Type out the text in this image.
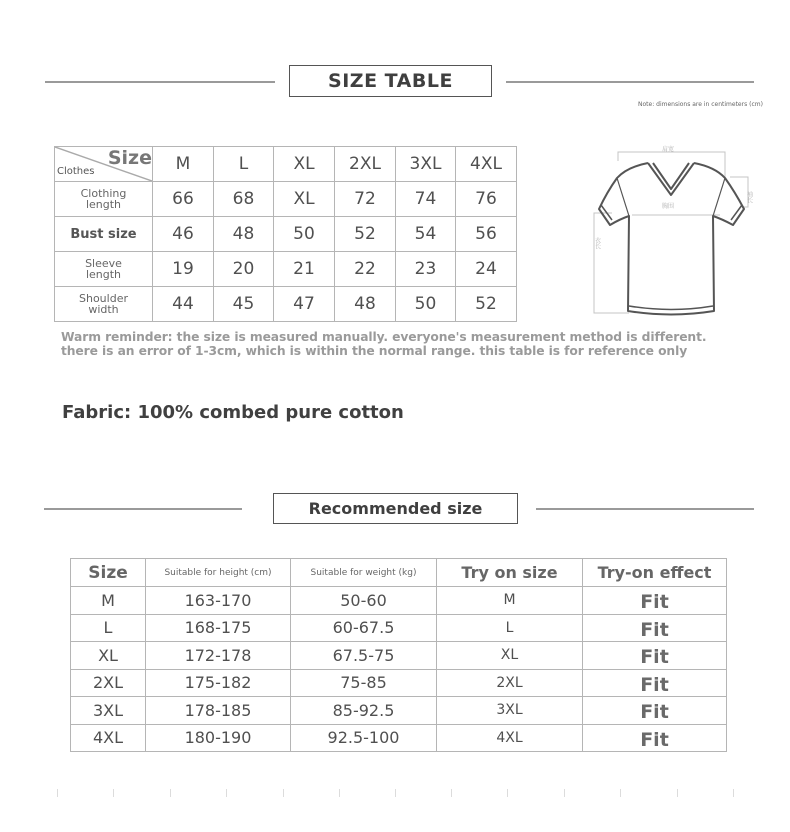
SIZE TABLE
Note: dimensions are in centimeters (cm)
Size
Clothes	M	L	XL	2XL	3XL	4XL
Clothing
length	66	68	XL	72	74	76
Bust size	46	48	50	52	54	56
Sleeve
length	19	20	21	22	23	24
Shoulder
width	44	45	47	48	50	52
肩宽
胸围
袖长
衣长
Warm reminder: the size is measured manually. everyone's measurement method is different.
there is an error of 1-3cm, which is within the normal range. this table is for reference only
Fabric: 100% combed pure cotton
Recommended size
Size	Suitable for height (cm)	Suitable for weight (kg)	Try on size	Try-on effect
M	163-170	50-60	M	Fit
L	168-175	60-67.5	L	Fit
XL	172-178	67.5-75	XL	Fit
2XL	175-182	75-85	2XL	Fit
3XL	178-185	85-92.5	3XL	Fit
4XL	180-190	92.5-100	4XL	Fit
